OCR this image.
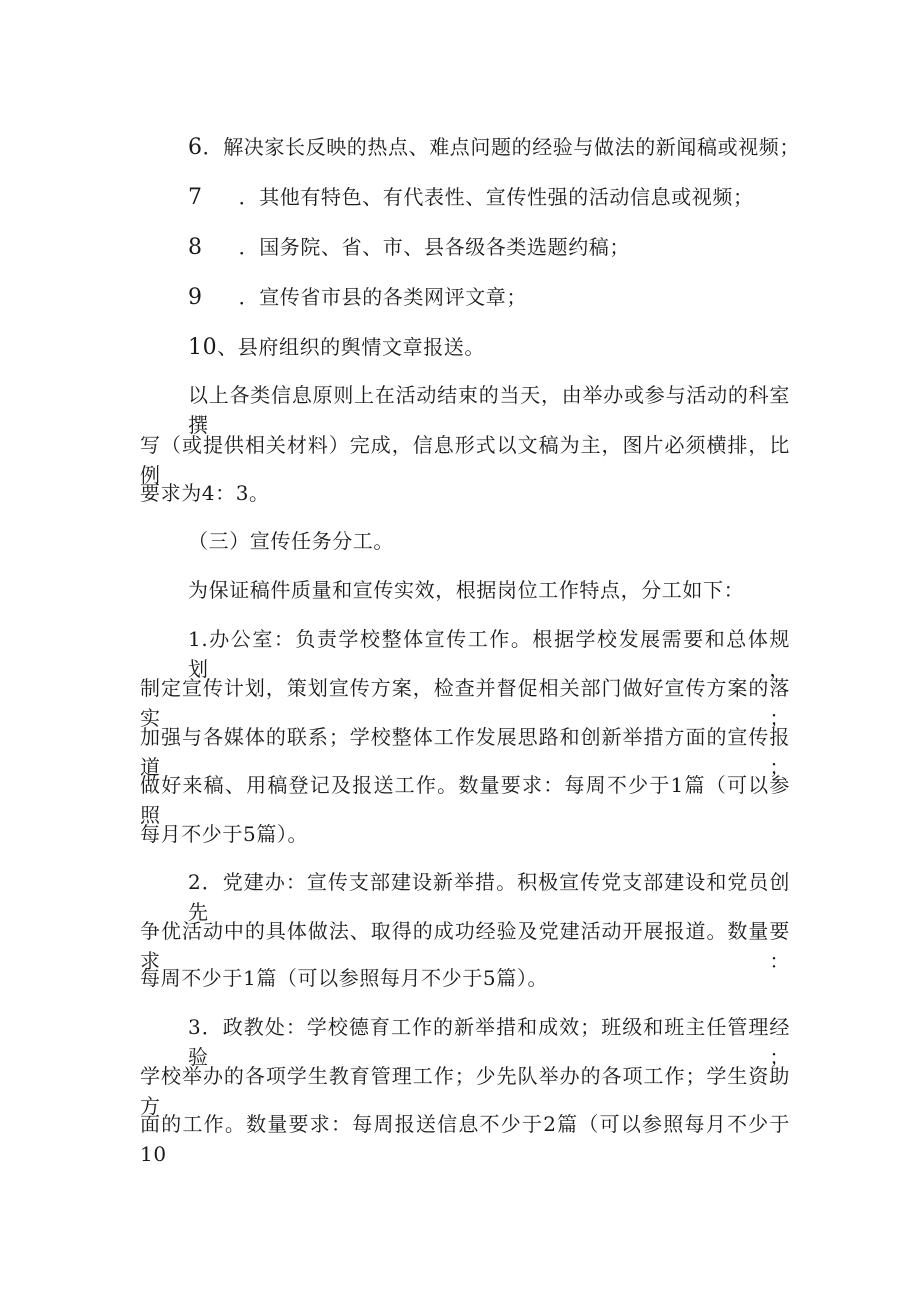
6．解决家长反映的热点、难点问题的经验与做法的新闻稿或视频；
7 ．其他有特色、有代表性、宣传性强的活动信息或视频；
8 ．国务院、省、市、县各级各类选题约稿；
9 ．宣传省市县的各类网评文章；
10、县府组织的舆情文章报送。
以上各类信息原则上在活动结束的当天，由举办或参与活动的科室撰
写（或提供相关材料）完成，信息形式以文稿为主，图片必须横排，比例
要求为4：3。
（三）宣传任务分工。
为保证稿件质量和宣传实效，根据岗位工作特点，分工如下：
1.办公室：负责学校整体宣传工作。根据学校发展需要和总体规划，
制定宣传计划，策划宣传方案，检查并督促相关部门做好宣传方案的落实；
加强与各媒体的联系；学校整体工作发展思路和创新举措方面的宣传报道；
做好来稿、用稿登记及报送工作。数量要求：每周不少于1篇（可以参照
每月不少于5篇）。
2．党建办：宣传支部建设新举措。积极宣传党支部建设和党员创先
争优活动中的具体做法、取得的成功经验及党建活动开展报道。数量要求：
每周不少于1篇（可以参照每月不少于5篇）。
3．政教处：学校德育工作的新举措和成效；班级和班主任管理经验；
学校举办的各项学生教育管理工作；少先队举办的各项工作；学生资助方
面的工作。数量要求：每周报送信息不少于2篇（可以参照每月不少于10
